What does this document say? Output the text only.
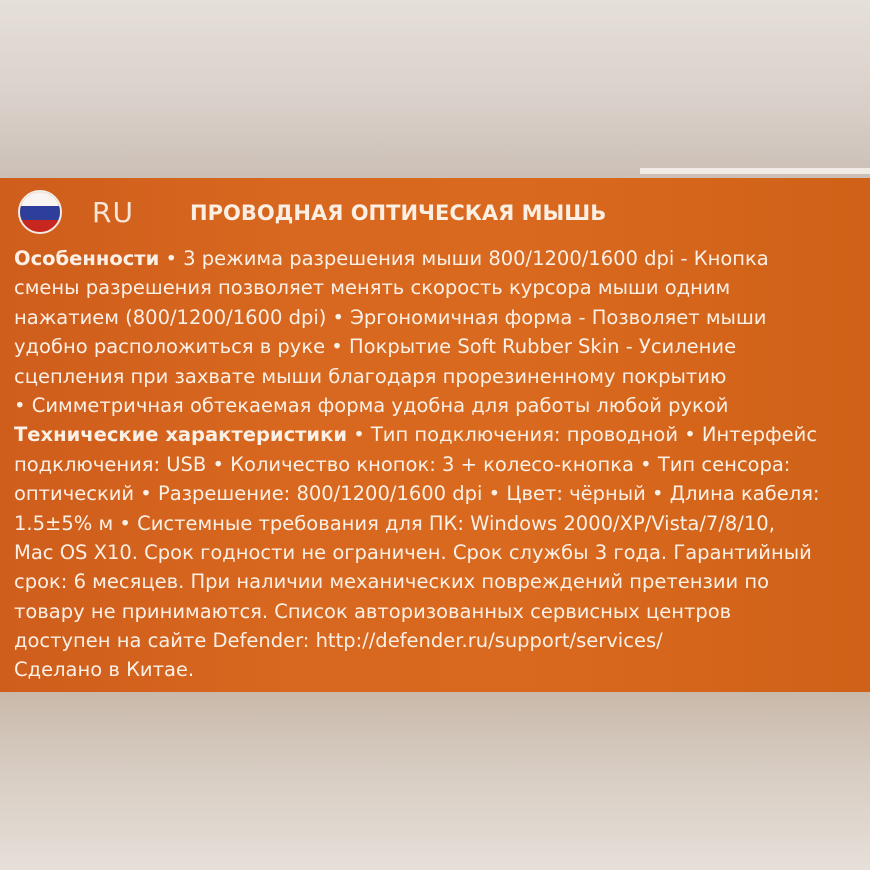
RU	ПРОВОДНАЯ ОПТИЧЕСКАЯ МЫШЬ
Особенности • 3 режима разрешения мыши 800/1200/1600 dpi - Кнопка
смены разрешения позволяет менять скорость курсора мыши одним
нажатием (800/1200/1600 dpi) • Эргономичная форма - Позволяет мыши
удобно расположиться в руке • Покрытие Soft Rubber Skin - Усиление
сцепления при захвате мыши благодаря прорезиненному покрытию
• Симметричная обтекаемая форма удобна для работы любой рукой
Технические характеристики • Тип подключения: проводной • Интерфейс
подключения: USB • Количество кнопок: 3 + колесо-кнопка • Тип сенсора:
оптический • Разрешение: 800/1200/1600 dpi • Цвет: чёрный • Длина кабеля:
1.5±5% м • Системные требования для ПК: Windows 2000/XP/Vista/7/8/10,
Mac OS X10. Срок годности не ограничен. Срок службы 3 года. Гарантийный
срок: 6 месяцев. При наличии механических повреждений претензии по
товару не принимаются. Список авторизованных сервисных центров
доступен на сайте Defender: http://defender.ru/support/services/
Сделано в Китае.
